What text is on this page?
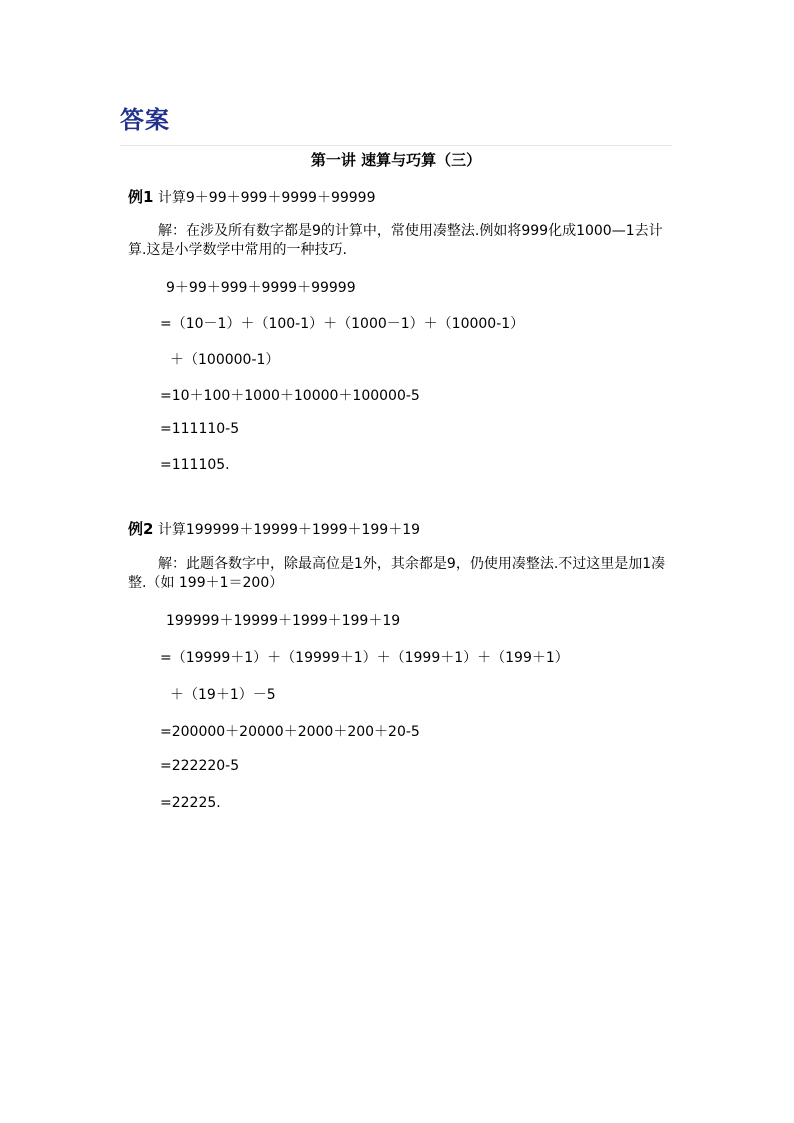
答案
第一讲 速算与巧算（三）
例1 计算9＋99＋999＋9999＋99999
解：在涉及所有数字都是9的计算中，常使用凑整法.例如将999化成1000—1去计算.这是小学数学中常用的一种技巧.
9＋99＋999＋9999＋99999
=（10－1）＋（100-1）＋（1000－1）＋（10000-1）
＋（100000-1）
=10＋100＋1000＋10000＋100000-5
=111110-5
=111105.
例2 计算199999＋19999＋1999＋199＋19
解：此题各数字中，除最高位是1外，其余都是9，仍使用凑整法.不过这里是加1凑整.（如 199＋1＝200）
199999＋19999＋1999＋199＋19
=（19999＋1）＋（19999＋1）＋（1999＋1）＋（199＋1）
＋（19＋1）－5
=200000＋20000＋2000＋200＋20-5
=222220-5
=22225.
